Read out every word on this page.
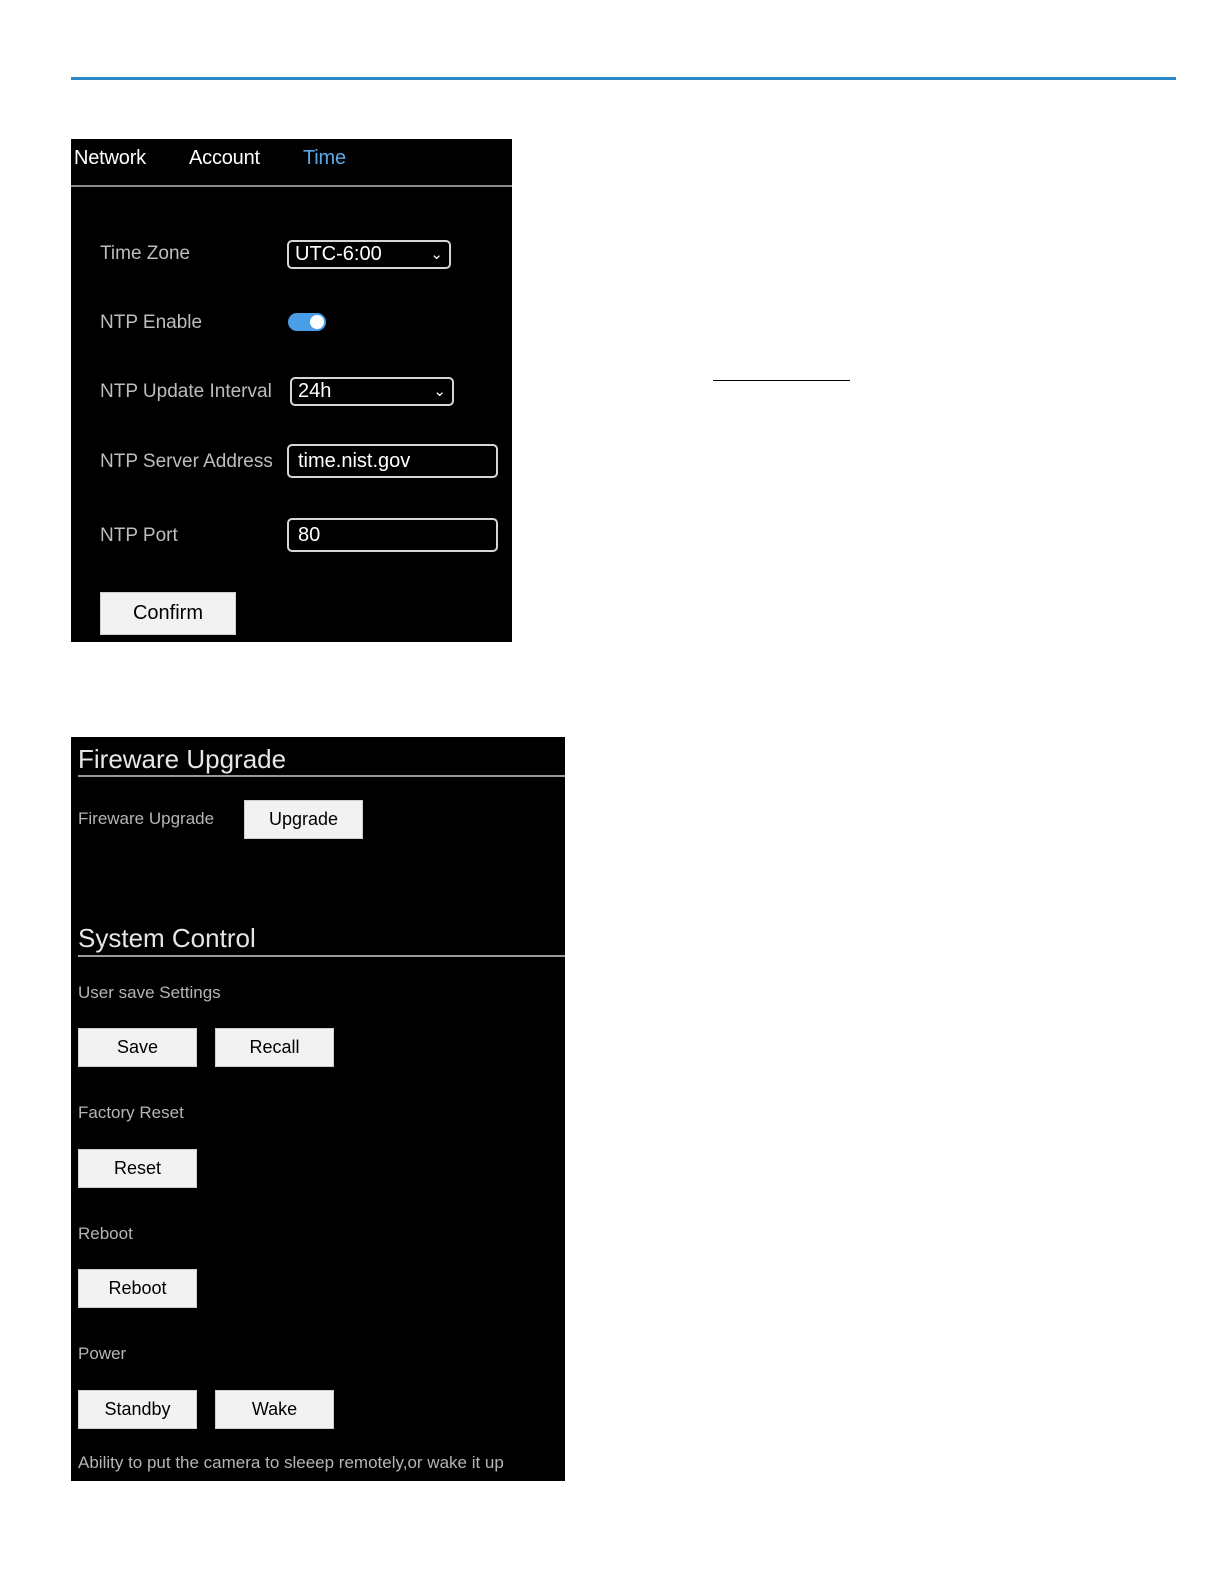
Network Account Time
Time Zone	UTC-6:00	⌄
NTP Enable
NTP Update Interval	24h	⌄
NTP Server Address	time.nist.gov
NTP Port	80
Confirm
Fireware Upgrade
Fireware Upgrade	Upgrade
System Control
User save Settings
Save	Recall
Factory Reset
Reset
Reboot
Reboot
Power
Standby	Wake
Ability to put the camera to sleeep remotely,or wake it up
